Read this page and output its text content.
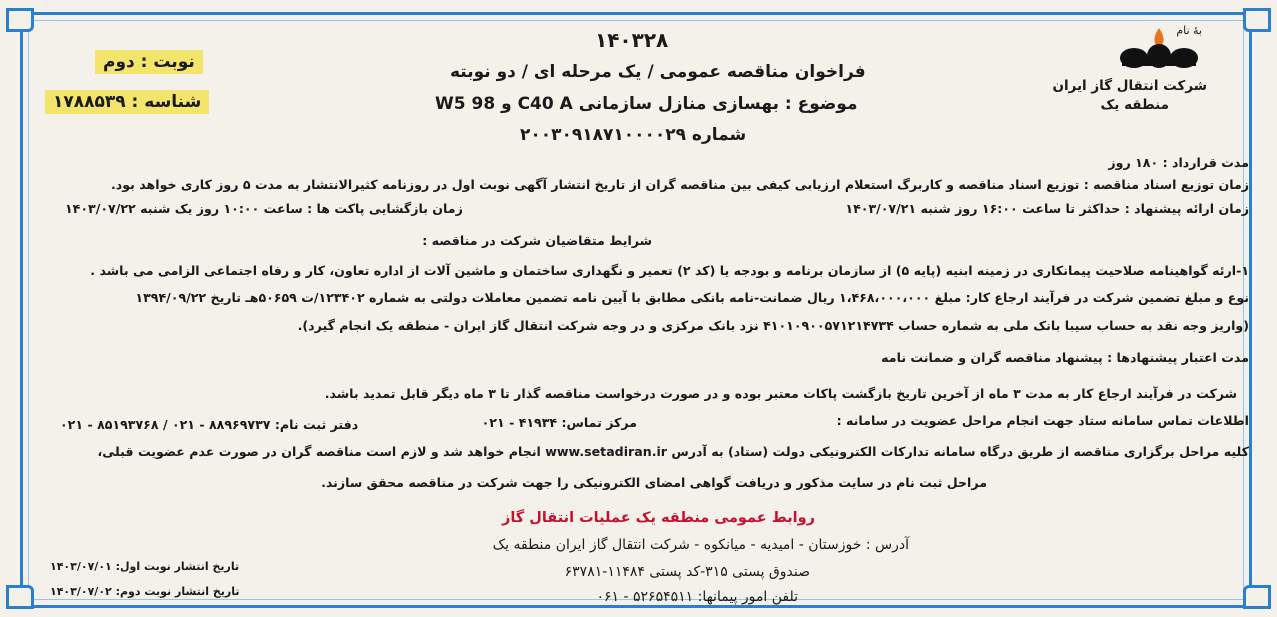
بۀ نام
شرکت انتقال گاز ایران
منطقه یک
نوبت : دوم
شناسه : ۱۷۸۸۵۳۹
۱۴۰۳۲۸
فراخوان مناقصه عمومی / یک مرحله ای / دو نوبته
موضوع : بهسازی منازل سازمانی C40 A و W5 98
شماره ۲۰۰۳۰۹۱۸۷۱۰۰۰۰۲۹
مدت قرارداد : ۱۸۰ روز
زمان توزیع اسناد مناقصه : توزیع اسناد مناقصه و کاربرگ استعلام ارزیابی کیفی بین مناقصه گران از تاریخ انتشار آگهی نوبت اول در روزنامه کثیرالانتشار به مدت ۵ روز کاری خواهد بود.
زمان ارائه پیشنهاد : حداکثر تا ساعت ۱۶:۰۰ روز شنبه ۱۴۰۳/۰۷/۲۱
زمان بازگشایی پاکت ها : ساعت ۱۰:۰۰ روز یک شنبه ۱۴۰۳/۰۷/۲۲
شرایط متقاضیان شرکت در مناقصه :
۱-ارئه گواهینامه صلاحیت پیمانکاری در زمینه ابنیه (پایه ۵) از سازمان برنامه و بودجه یا (کد ۲) تعمیر و نگهداری ساختمان و ماشین آلات از اداره تعاون، کار و رفاه اجتماعی الزامی می باشد .
نوع و مبلغ تضمین شرکت در فرآیند ارجاع کار: مبلغ ۱،۴۶۸،۰۰۰،۰۰۰ ریال ضمانت-نامه بانکی مطابق با آیین نامه تضمین معاملات دولتی به شماره ۱۲۳۴۰۲/ت ۵۰۶۵۹هـ تاریخ ۱۳۹۴/۰۹/۲۲
(واریز وجه نقد به حساب سیبا بانک ملی به شماره حساب ۴۱۰۱۰۹۰۰۵۷۱۲۱۴۷۳۴ نزد بانک مرکزی و در وجه شرکت انتقال گاز ایران - منطقه یک انجام گیرد).
مدت اعتبار پیشنهادها : پیشنهاد مناقصه گران و ضمانت نامه
شرکت در فرآیند ارجاع کار به مدت ۳ ماه از آخرین تاریخ بازگشت پاکات معتبر بوده و در صورت درخواست مناقصه گذار تا ۳ ماه دیگر قابل تمدید باشد.
اطلاعات تماس سامانه ستاد جهت انجام مراحل عضویت در سامانه :
مرکز تماس: ۴۱۹۳۴ - ۰۲۱
دفتر ثبت نام: ۸۸۹۶۹۷۳۷ - ۰۲۱ / ۸۵۱۹۳۷۶۸ - ۰۲۱
کلیه مراحل برگزاری مناقصه از طریق درگاه سامانه تدارکات الکترونیکی دولت (ستاد) به آدرس www.setadiran.ir انجام خواهد شد و لازم است مناقصه گران در صورت عدم عضویت قبلی،
مراحل ثبت نام در سایت مذکور و دریافت گواهی امضای الکترونیکی را جهت شرکت در مناقصه محقق سازند.
روابط عمومی منطقه یک عملیات انتقال گاز
آدرس : خوزستان - امیدیه - میانکوه - شرکت انتقال گاز ایران منطقه یک
صندوق پستی ۳۱۵-کد پستی ۱۱۴۸۴-۶۳۷۸۱
تلفن امور پیمانها: ۵۲۶۵۴۵۱۱ - ۰۶۱
تاریخ انتشار نوبت اول: ۱۴۰۳/۰۷/۰۱
تاریخ انتشار نوبت دوم: ۱۴۰۳/۰۷/۰۲
